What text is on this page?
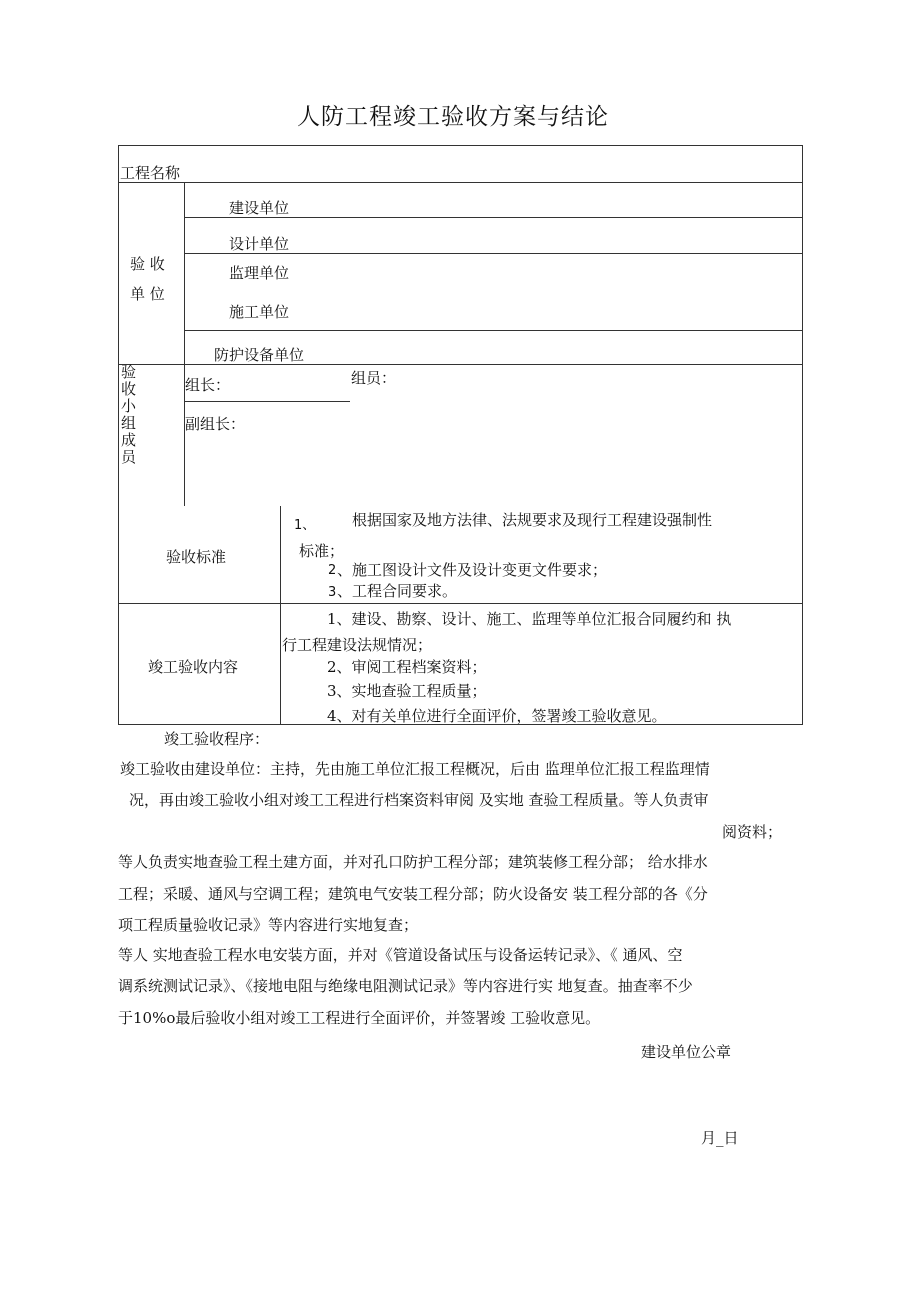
人防工程竣工验收方案与结论
工程名称
验 收
单 位
建设单位
设计单位
监理单位
施工单位
防护设备单位
验收小组成员
组长：	组员：
副组长：
验收标准
1、 根据国家及地方法律、法规要求及现行工程建设强制性
标准；
2 、施工图设计文件及设计变更文件要求；
3 、工程合同要求。
竣工验收内容
1、建设、勘察、设计、施工、监理等单位汇报合同履约和 执
行工程建设法规情况；
2、审阅工程档案资料；
3、实地查验工程质量；
4、对有关单位进行全面评价，签署竣工验收意见。
竣工验收程序：
竣工验收由建设单位：主持，先由施工单位汇报工程概况，后由 监理单位汇报工程监理情
况，再由竣工验收小组对竣工工程进行档案资料审阅 及实地 查验工程质量。等人负责审
阅资料；
等人负责实地查验工程土建方面，并对孔口防护工程分部；建筑装修工程分部； 给水排水
工程；采暖、通风与空调工程；建筑电气安装工程分部；防火设备安 装工程分部的各《分
项工程质量验收记录》等内容进行实地复查；
等人 实地查验工程水电安装方面，并对《管道设备试压与设备运转记录》、《 通风、空
调系统测试记录》、《接地电阻与绝缘电阻测试记录》等内容进行实 地复查。抽查率不少
于10%o最后验收小组对竣工工程进行全面评价，并签署竣 工验收意见。
建设单位公章
月_日
